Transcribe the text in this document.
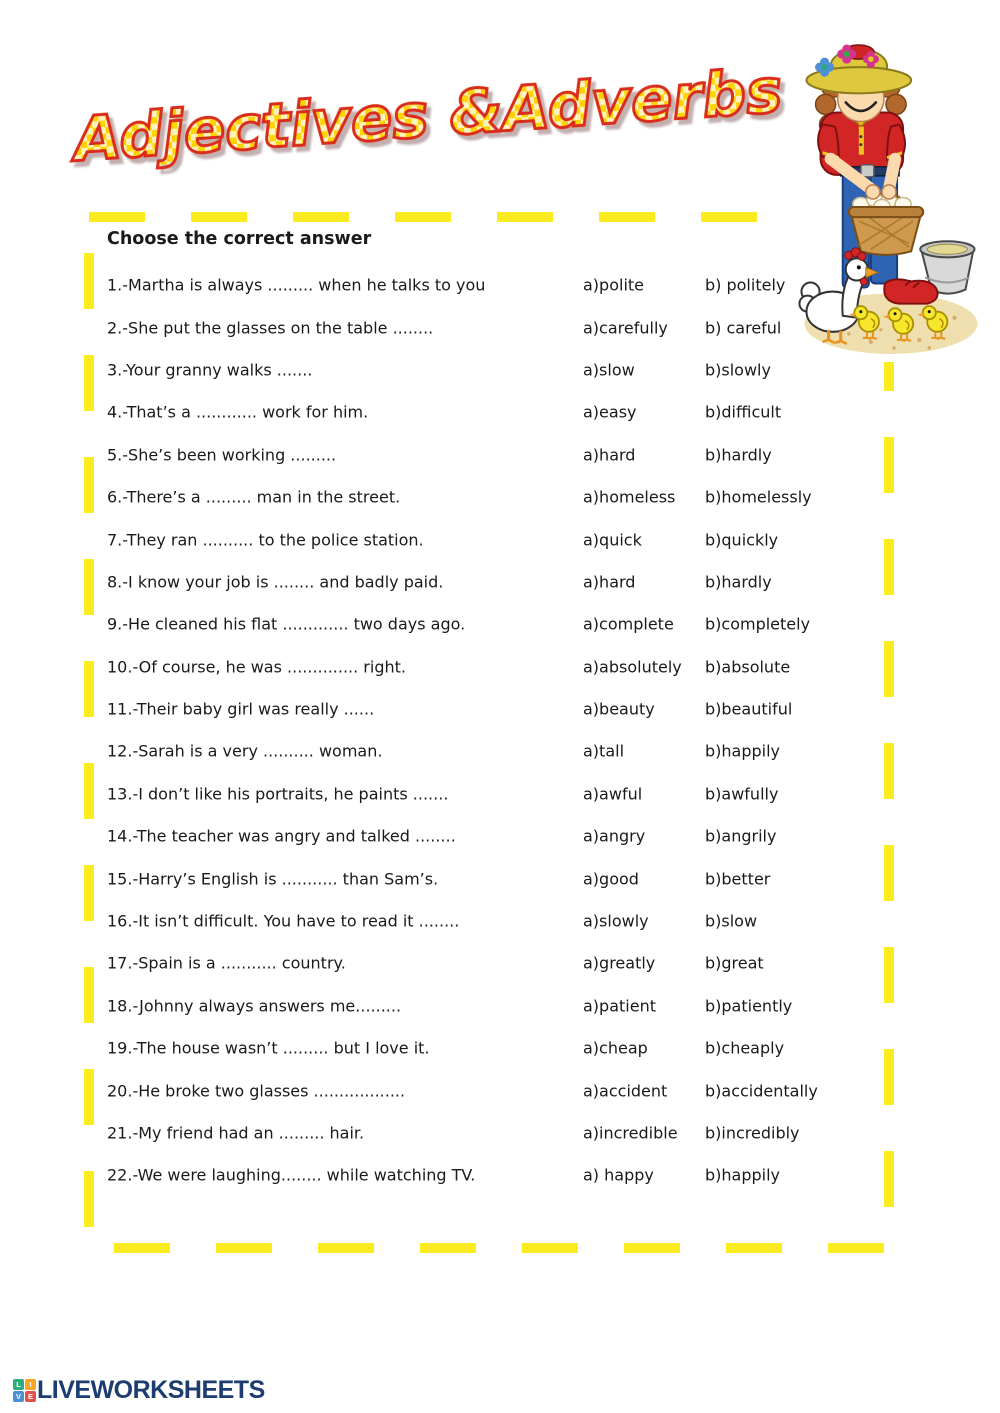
Adjectives &Adverbs
Choose the correct answer
1.-Martha is always ......... when he talks to you	a)polite	b) politely
2.-She put the glasses on the table ........	a)carefully b) careful
3.-Your granny walks .......	a)slow	b)slowly
4.-That’s a ............ work for him.	a)easy	b)difficult
5.-She’s been working .........	a)hard	b)hardly
6.-There’s a ......... man in the street.	a)homeless b)homelessly
7.-They ran .......... to the police station.	a)quick	b)quickly
8.-I know your job is ........ and badly paid.	a)hard	b)hardly
9.-He cleaned his flat ............. two days ago.	a)complete b)completely
10.-Of course, he was .............. right.	a)absolutely b)absolute
11.-Their baby girl was really ......	a)beauty	b)beautiful
12.-Sarah is a very .......... woman.	a)tall	b)happily
13.-I don’t like his portraits, he paints .......	a)awful	b)awfully
14.-The teacher was angry and talked ........	a)angry	b)angrily
15.-Harry’s English is ........... than Sam’s.	a)good	b)better
16.-It isn’t difficult. You have to read it ........	a)slowly	b)slow
17.-Spain is a ........... country.	a)greatly	b)great
18.-Johnny always answers me.........	a)patient	b)patiently
19.-The house wasn’t ......... but I love it.	a)cheap	b)cheaply
20.-He broke two glasses ..................	a)accident b)accidentally
21.-My friend had an ......... hair.	a)incredible b)incredibly
22.-We were laughing........ while watching TV.	a) happy	b)happily
L	I
V E LIVEWORKSHEETS
